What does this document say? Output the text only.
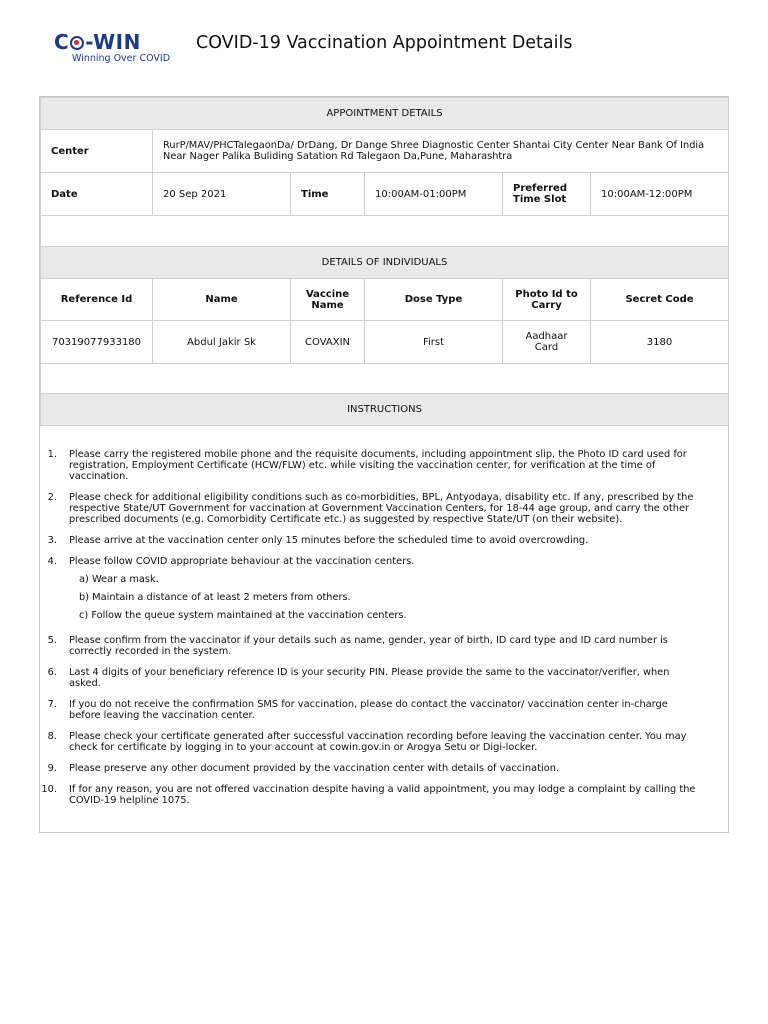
C -WIN
Winning Over COVID
COVID-19 Vaccination Appointment Details
APPOINTMENT DETAILS					
Center	RurP/MAV/PHCTalegaonDa/ DrDang, Dr Dange Shree Diagnostic Center Shantai City Center Near Bank Of India Near Nager Palika Buliding Satation Rd Talegaon Da,Pune, Maharashtra				
Date	20 Sep 2021	Time	10:00AM-01:00PM	Preferred Time Slot	10:00AM-12:00PM

DETAILS OF INDIVIDUALS					
Reference Id	Name	Vaccine Name	Dose Type	Photo Id to Carry	Secret Code
70319077933180	Abdul Jakir Sk	COVAXIN	First	Aadhaar Card	3180

INSTRUCTIONS					
1. Please carry the registered mobile phone and the requisite documents, including appointment slip, the Photo ID card used for registration, Employment Certificate (HCW/FLW) etc. while visiting the vaccination center, for verification at the time of vaccination.
2. Please check for additional eligibility conditions such as co-morbidities, BPL, Antyodaya, disability etc. If any, prescribed by the respective State/UT Government for vaccination at Government Vaccination Centers, for 18-44 age group, and carry the other prescribed documents (e.g. Comorbidity Certificate etc.) as suggested by respective State/UT (on their website).
3. Please arrive at the vaccination center only 15 minutes before the scheduled time to avoid overcrowding.
4. Please follow COVID appropriate behaviour at the vaccination centers.
a) Wear a mask.
b) Maintain a distance of at least 2 meters from others.
c) Follow the queue system maintained at the vaccination centers.
5. Please confirm from the vaccinator if your details such as name, gender, year of birth, ID card type and ID card number is correctly recorded in the system.
6. Last 4 digits of your beneficiary reference ID is your security PIN. Please provide the same to the vaccinator/verifier, when asked.
7. If you do not receive the confirmation SMS for vaccination, please do contact the vaccinator/ vaccination center in-charge before leaving the vaccination center.
8. Please check your certificate generated after successful vaccination recording before leaving the vaccination center. You may check for certificate by logging in to your account at cowin.gov.in or Arogya Setu or Digi-locker.
9. Please preserve any other document provided by the vaccination center with details of vaccination.
10. If for any reason, you are not offered vaccination despite having a valid appointment, you may lodge a complaint by calling the COVID-19 helpline 1075.
